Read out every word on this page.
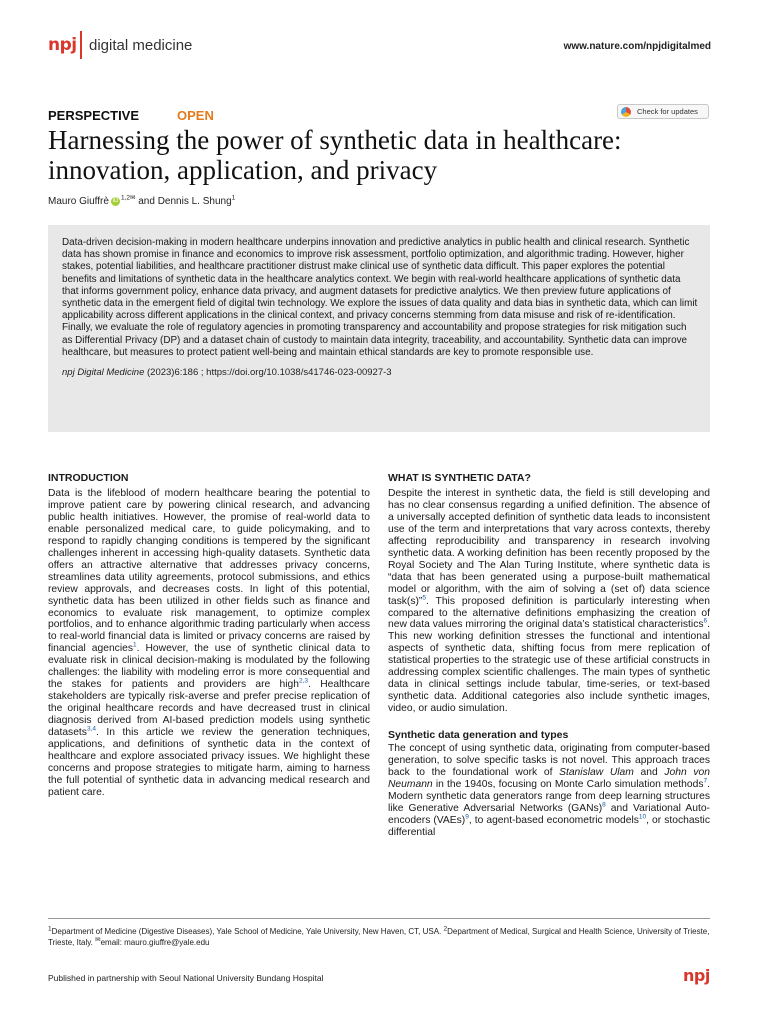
npj digital medicine	www.nature.com/npjdigitalmed
PERSPECTIVE	OPEN	Check for updates
Harnessing the power of synthetic data in healthcare:
innovation, application, and privacy
Mauro Giuffrè iD $^{1,2✉}$ and Dennis L. Shung$^1$

Data-driven decision-making in modern healthcare underpins innovation and predictive analytics in public health and clinical research. Synthetic data has shown promise in finance and economics to improve risk assessment, portfolio optimization, and algorithmic trading. However, higher stakes, potential liabilities, and healthcare practitioner distrust make clinical use of synthetic data difficult. This paper explores the potential benefits and limitations of synthetic data in the healthcare analytics context. We begin with real-world healthcare applications of synthetic data that informs government policy, enhance data privacy, and augment datasets for predictive analytics. We then preview future applications of synthetic data in the emergent field of digital twin technology. We explore the issues of data quality and data bias in synthetic data, which can limit applicability across different applications in the clinical context, and privacy concerns stemming from data misuse and risk of re-identification. Finally, we evaluate the role of regulatory agencies in promoting transparency and accountability and propose strategies for risk mitigation such as Differential Privacy (DP) and a dataset chain of custody to maintain data integrity, traceability, and accountability. Synthetic data can improve healthcare, but measures to protect patient well-being and maintain ethical standards are key to promote responsible use.

npj Digital Medicine (2023)6:186 ; https://doi.org/10.1038/s41746-023-00927-3
INTRODUCTION

Data is the lifeblood of modern healthcare bearing the potential to improve patient care by powering clinical research, and advancing public health initiatives. However, the promise of real-world data to enable personalized medical care, to guide policymaking, and to respond to rapidly changing conditions is tempered by the significant challenges inherent in accessing high-quality datasets. Synthetic data offers an attractive alternative that addresses privacy concerns, streamlines data utility agreements, protocol submissions, and ethics review approvals, and decreases costs. In light of this potential, synthetic data has been utilized in other fields such as finance and economics to evaluate risk management, to optimize complex portfolios, and to enhance algorithmic trading particularly when access to real-world financial data is limited or privacy concerns are raised by financial agencies$^1$. However, the use of synthetic clinical data to evaluate risk in clinical decision-making is modulated by the following challenges: the liability with modeling error is more consequential and the stakes for patients and providers are high$^{2,3}$. Healthcare stakeholders are typically risk-averse and prefer precise replication of the original healthcare records and have decreased trust in clinical diagnosis derived from AI-based prediction models using synthetic datasets$^{3,4}$. In this article we review the generation techniques, applications, and definitions of synthetic data in the context of healthcare and explore associated privacy issues. We highlight these concerns and propose strategies to mitigate harm, aiming to harness the full potential of synthetic data in advancing medical research and patient care.

WHAT IS SYNTHETIC DATA?

Despite the interest in synthetic data, the field is still developing and has no clear consensus regarding a unified definition. The absence of a universally accepted definition of synthetic data leads to inconsistent use of the term and interpretations that vary across contexts, thereby affecting reproducibility and transparency in research involving synthetic data. A working definition has been recently proposed by the Royal Society and The Alan Turing Institute, where synthetic data is “data that has been generated using a purpose-built mathematical model or algorithm, with the aim of solving a (set of) data science task(s)”$^5$. This proposed definition is particularly interesting when compared to the alternative definitions emphasizing the creation of new data values mirroring the original data’s statistical characteristics$^6$. This new working definition stresses the functional and intentional aspects of synthetic data, shifting focus from mere replication of statistical properties to the strategic use of these artificial constructs in addressing complex scientific challenges. The main types of synthetic data in clinical settings include tabular, time-series, or text-based synthetic data. Additional categories also include synthetic images, video, or audio simulation.

Synthetic data generation and types

The concept of using synthetic data, originating from computer-based generation, to solve specific tasks is not novel. This approach traces back to the foundational work of Stanislaw Ulam and John von Neumann in the 1940s, focusing on Monte Carlo simulation methods$^7$. Modern synthetic data generators range from deep learning structures like Generative Adversarial Networks (GANs)$^8$ and Variational Auto-encoders (VAEs)$^9$, to agent-based econometric models$^{10}$, or stochastic differential

$^1$Department of Medicine (Digestive Diseases), Yale School of Medicine, Yale University, New Haven, CT, USA. $^2$Department of Medical, Surgical and Health Science, University of Trieste, Trieste, Italy. ✉email: mauro.giuffre@yale.edu
Published in partnership with Seoul National University Bundang Hospital	npj
